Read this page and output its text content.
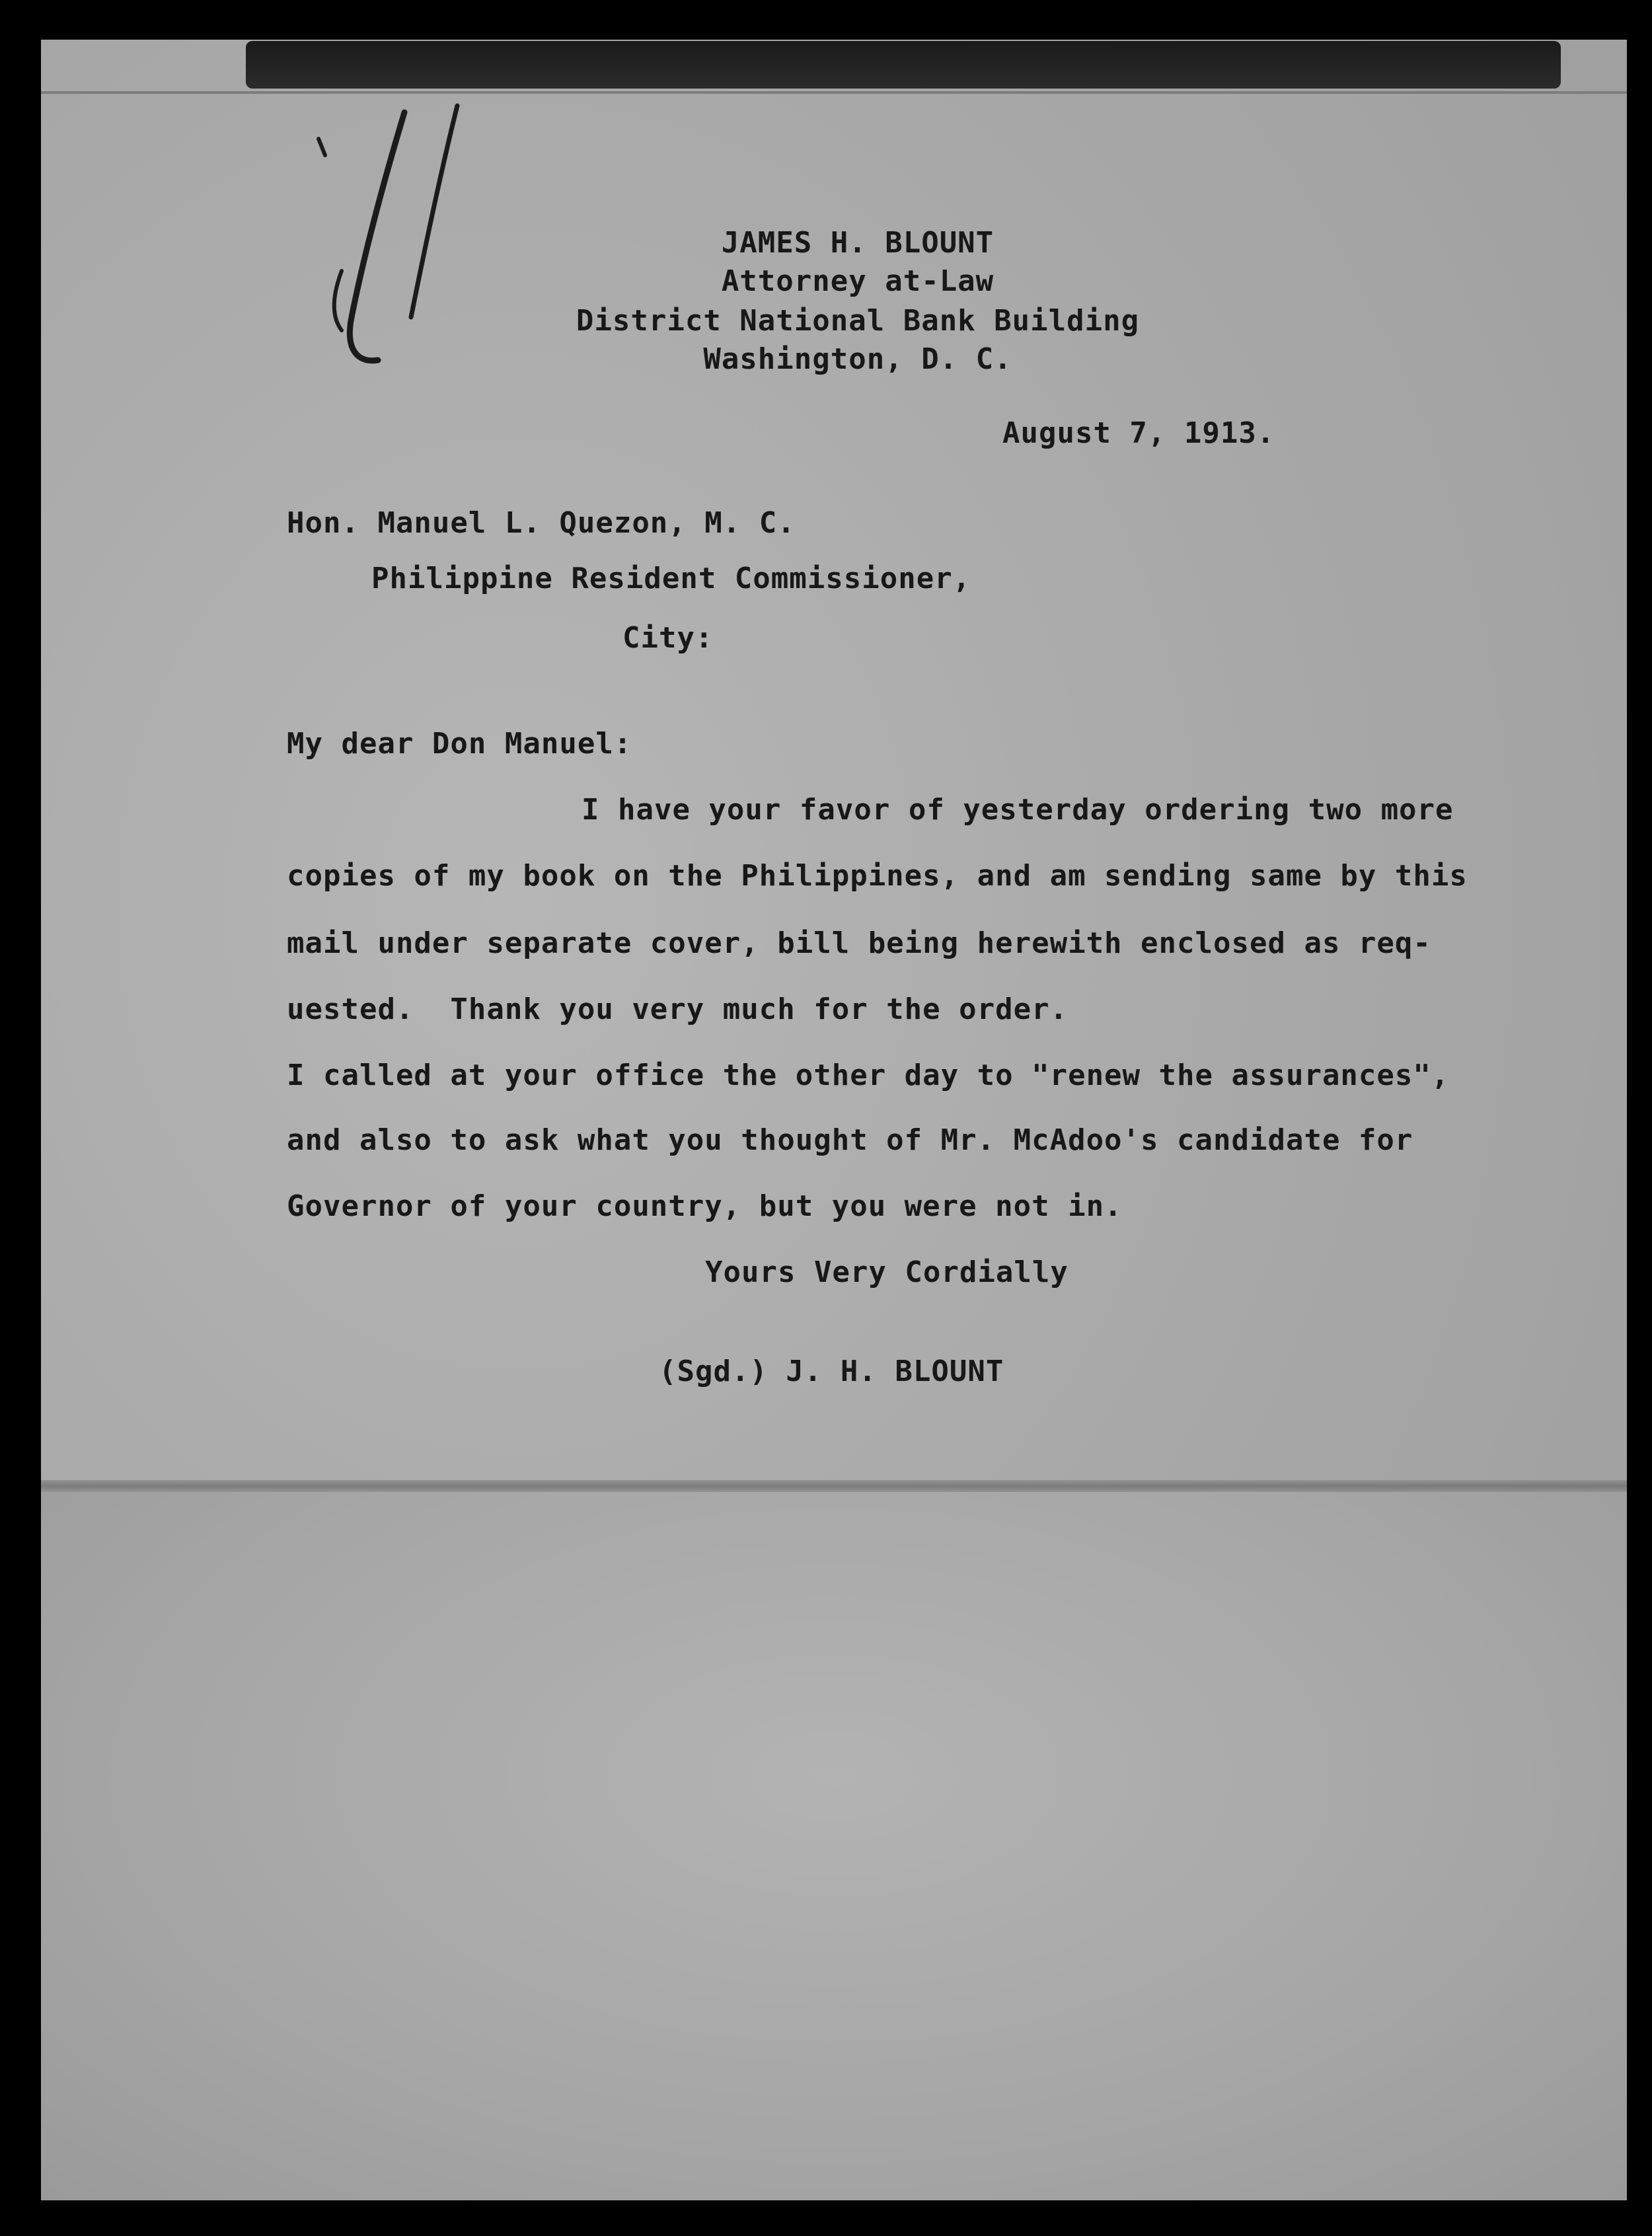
JAMES H. BLOUNT
Attorney at-Law
District National Bank Building
Washington, D. C.
August 7, 1913.
Hon. Manuel L. Quezon, M. C.
Philippine Resident Commissioner,
City:
My dear Don Manuel:
I have your favor of yesterday ordering two more
copies of my book on the Philippines, and am sending same by this
mail under separate cover, bill being herewith enclosed as req-
uested.  Thank you very much for the order.
I called at your office the other day to "renew the assurances",
and also to ask what you thought of Mr. McAdoo's candidate for
Governor of your country, but you were not in.
Yours Very Cordially
(Sgd.) J. H. BLOUNT
